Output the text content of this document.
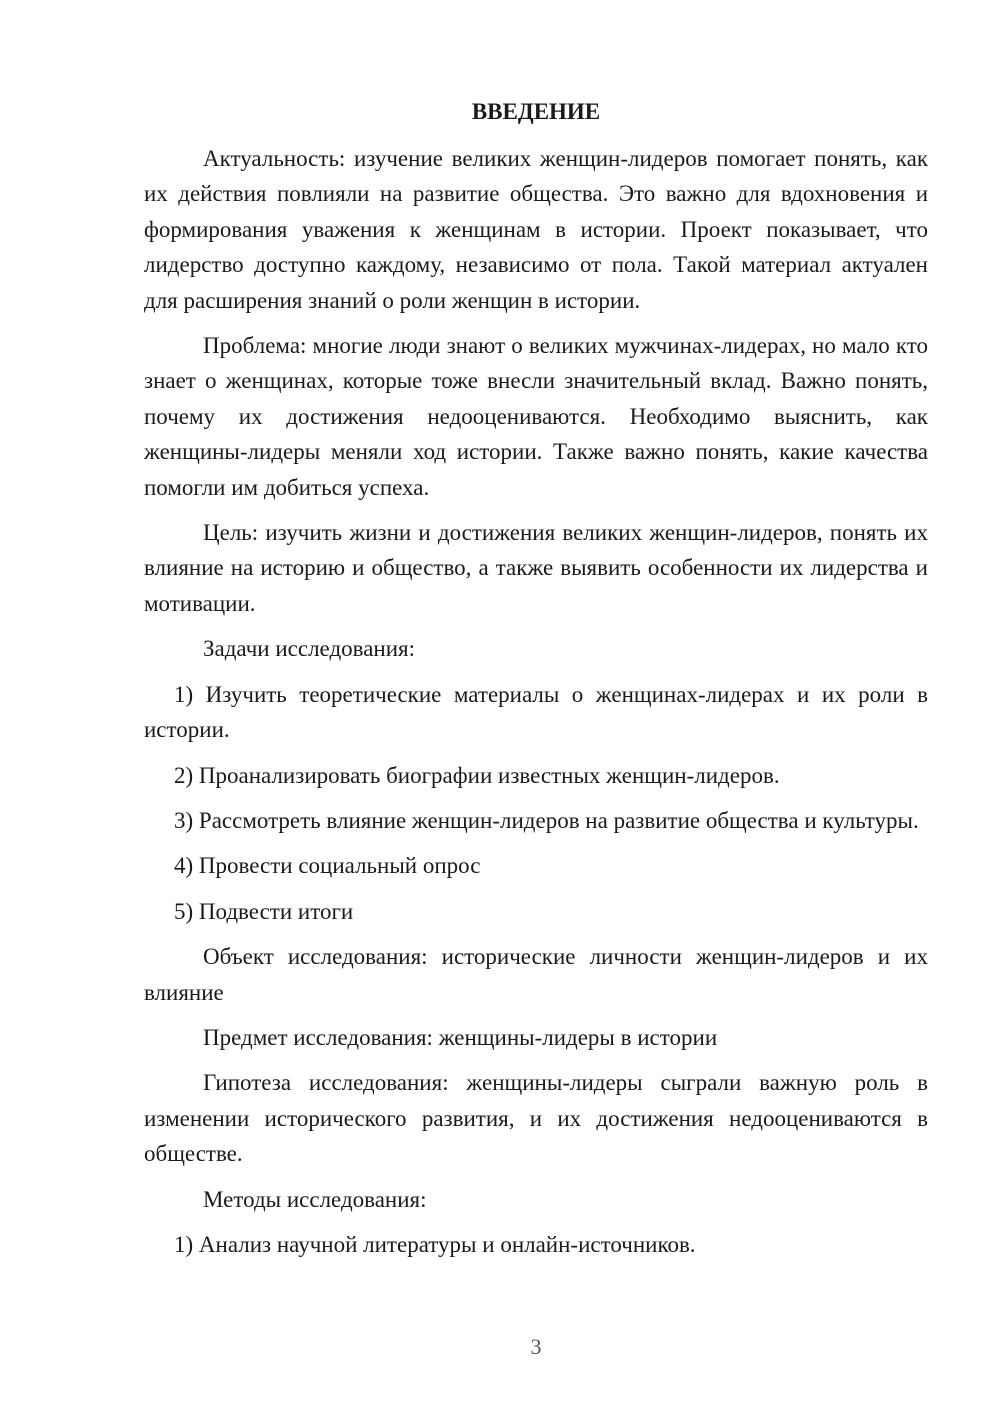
ВВЕДЕНИЕ

Актуальность: изучение великих женщин-лидеров помогает понять, как их действия повлияли на развитие общества. Это важно для вдохновения и формирования уважения к женщинам в истории. Проект показывает, что лидерство доступно каждому, независимо от пола. Такой материал актуален для расширения знаний о роли женщин в истории.

Проблема: многие люди знают о великих мужчинах-лидерах, но мало кто знает о женщинах, которые тоже внесли значительный вклад. Важно понять, почему их достижения недооцениваются. Необходимо выяснить, как женщины-лидеры меняли ход истории. Также важно понять, какие качества помогли им добиться успеха.

Цель: изучить жизни и достижения великих женщин-лидеров, понять их влияние на историю и общество, а также выявить особенности их лидерства и мотивации.

Задачи исследования:

1) Изучить теоретические материалы о женщинах-лидерах и их роли в истории.

2) Проанализировать биографии известных женщин-лидеров.

3) Рассмотреть влияние женщин-лидеров на развитие общества и культуры.

4) Провести социальный опрос

5) Подвести итоги

Объект исследования: исторические личности женщин-лидеров и их влияние

Предмет исследования: женщины-лидеры в истории

Гипотеза исследования: женщины-лидеры сыграли важную роль в изменении исторического развития, и их достижения недооцениваются в обществе.

Методы исследования:

1) Анализ научной литературы и онлайн-источников.

3
